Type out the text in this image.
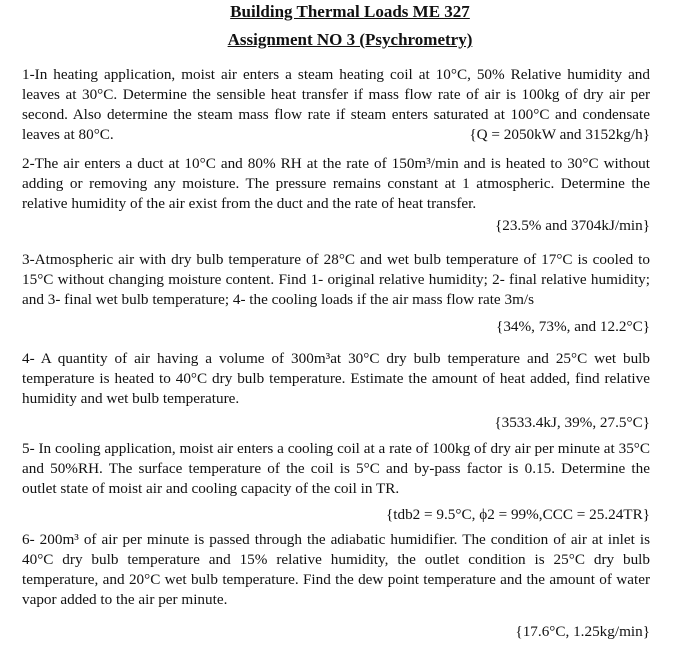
Building Thermal Loads ME 327
Assignment NO 3 (Psychrometry)
1-In heating application, moist air enters a steam heating coil at 10°C, 50% Relative humidity and leaves at 30°C. Determine the sensible heat transfer if mass flow rate of air is 100kg of dry air per second. Also determine the steam mass flow rate if steam enters saturated at 100°C and condensate leaves at 80°C.	{Q = 2050kW and 3152kg/h}
2-The air enters a duct at 10°C and 80% RH at the rate of 150m³/min and is heated to 30°C without adding or removing any moisture. The pressure remains constant at 1 atmospheric. Determine the relative humidity of the air exist from the duct and the rate of heat transfer.
{23.5% and 3704kJ/min}
3-Atmospheric air with dry bulb temperature of 28°C and wet bulb temperature of 17°C is cooled to 15°C without changing moisture content. Find 1- original relative humidity; 2- final relative humidity; and 3- final wet bulb temperature; 4- the cooling loads if the air mass flow rate 3m/s
{34%, 73%, and 12.2°C}
4- A quantity of air having a volume of 300m³at 30°C dry bulb temperature and 25°C wet bulb temperature is heated to 40°C dry bulb temperature. Estimate the amount of heat added, find relative humidity and wet bulb temperature.
{3533.4kJ, 39%, 27.5°C}
5- In cooling application, moist air enters a cooling coil at a rate of 100kg of dry air per minute at 35°C and 50%RH. The surface temperature of the coil is 5°C and by-pass factor is 0.15. Determine the outlet state of moist air and cooling capacity of the coil in TR.
{tdb2 = 9.5°C, ϕ2 = 99%,CCC = 25.24TR}
6- 200m³ of air per minute is passed through the adiabatic humidifier. The condition of air at inlet is 40°C dry bulb temperature and 15% relative humidity, the outlet condition is 25°C dry bulb temperature, and 20°C wet bulb temperature. Find the dew point temperature and the amount of water vapor added to the air per minute.
{17.6°C, 1.25kg/min}
